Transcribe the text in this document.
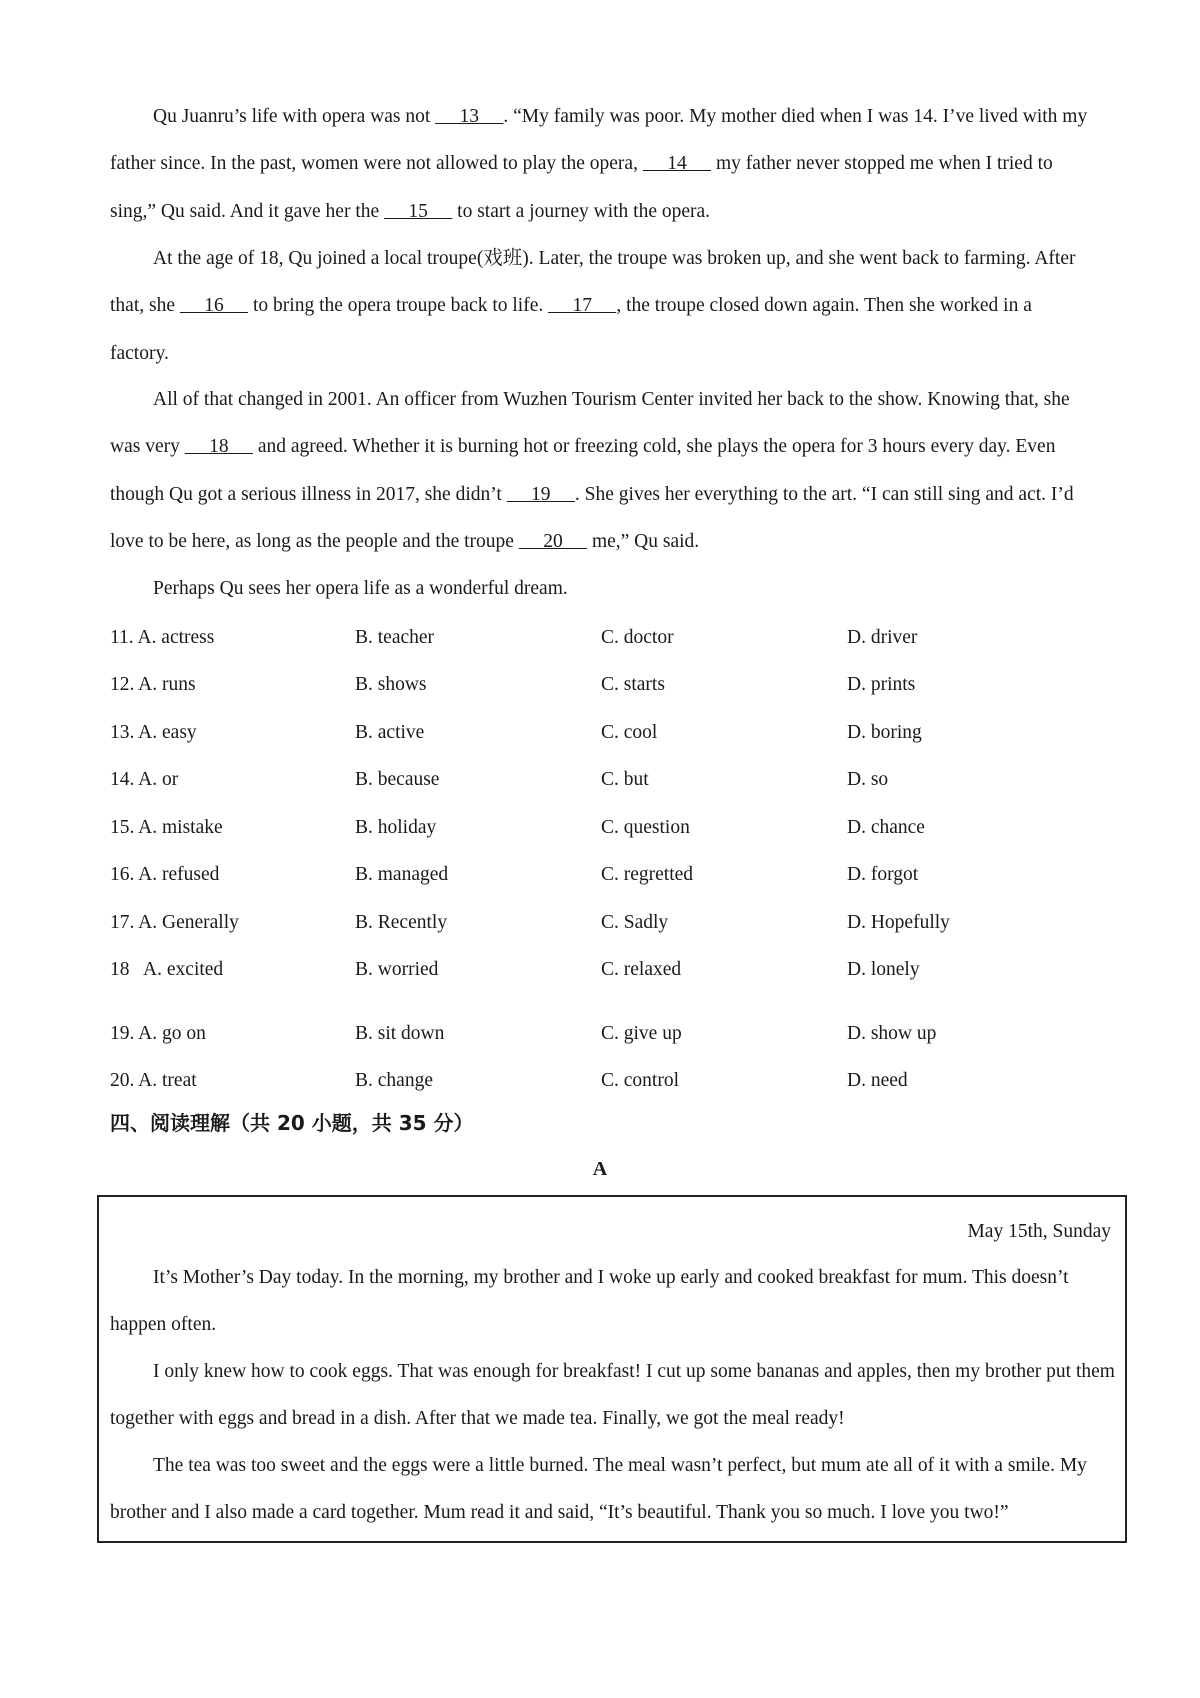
Qu Juanru’s life with opera was not      13     . “My family was poor. My mother died when I was 14. I’ve lived with my father since. In the past, women were not allowed to play the opera,      14      my father never stopped me when I tried to sing,” Qu said. And it gave her the      15      to start a journey with the opera.

At the age of 18, Qu joined a local troupe(戏班). Later, the troupe was broken up, and she went back to farming. After that, she      16      to bring the opera troupe back to life.      17     , the troupe closed down again. Then she worked in a factory.

All of that changed in 2001. An officer from Wuzhen Tourism Center invited her back to the show. Knowing that, she was very      18      and agreed. Whether it is burning hot or freezing cold, she plays the opera for 3 hours every day. Even though Qu got a serious illness in 2017, she didn’t      19     . She gives her everything to the art. “I can still sing and act. I’d love to be here, as long as the people and the troupe      20      me,” Qu said.

Perhaps Qu sees her opera life as a wonderful dream.

11. A. actress	B. teacher	C. doctor	D. driver
12. A. runs	B. shows	C. starts	D. prints
13. A. easy	B. active	C. cool	D. boring
14. A. or	B. because	C. but	D. so
15. A. mistake	B. holiday	C. question	D. chance
16. A. refused	B. managed	C. regretted	D. forgot
17. A. Generally	B. Recently	C. Sadly	D. Hopefully
18   A. excited	B. worried	C. relaxed	D. lonely
19. A. go on	B. sit down	C. give up	D. show up
20. A. treat	B. change	C. control	D. need
四、阅读理解（共 20 小题，共 35 分）
A
May 15th, Sunday

It’s Mother’s Day today. In the morning, my brother and I woke up early and cooked breakfast for mum. This doesn’t happen often.

I only knew how to cook eggs. That was enough for breakfast! I cut up some bananas and apples, then my brother put them together with eggs and bread in a dish. After that we made tea. Finally, we got the meal ready!

The tea was too sweet and the eggs were a little burned. The meal wasn’t perfect, but mum ate all of it with a smile. My brother and I also made a card together. Mum read it and said, “It’s beautiful. Thank you so much. I love you two!”
